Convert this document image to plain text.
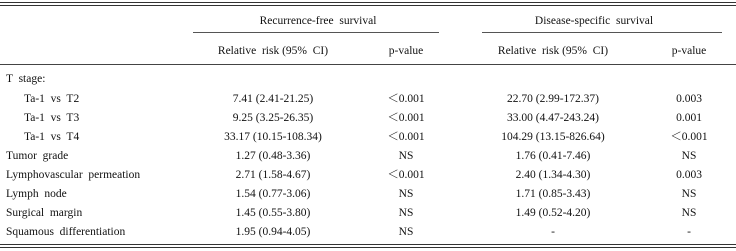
Recurrence-free  survival	Disease-specific  survival
Relative  risk (95%  CI)	p-value	Relative  risk (95%  CI)	p-value
T  stage:
Ta-1  vs  T2	7.41 (2.41-21.25)	＜0.001	22.70 (2.99-172.37)	0.003
Ta-1  vs  T3	9.25 (3.25-26.35)	＜0.001	33.00 (4.47-243.24)	0.001
Ta-1  vs  T4	33.17 (10.15-108.34)	＜0.001	104.29 (13.15-826.64)	＜0.001
Tumor  grade	1.27 (0.48-3.36)	NS	1.76 (0.41-7.46)	NS
Lymphovascular  permeation	2.71 (1.58-4.67)	＜0.001	2.40 (1.34-4.30)	0.003
Lymph  node	1.54 (0.77-3.06)	NS	1.71 (0.85-3.43)	NS
Surgical  margin	1.45 (0.55-3.80)	NS	1.49 (0.52-4.20)	NS
Squamous  differentiation	1.95 (0.94-4.05)	NS	-	-
